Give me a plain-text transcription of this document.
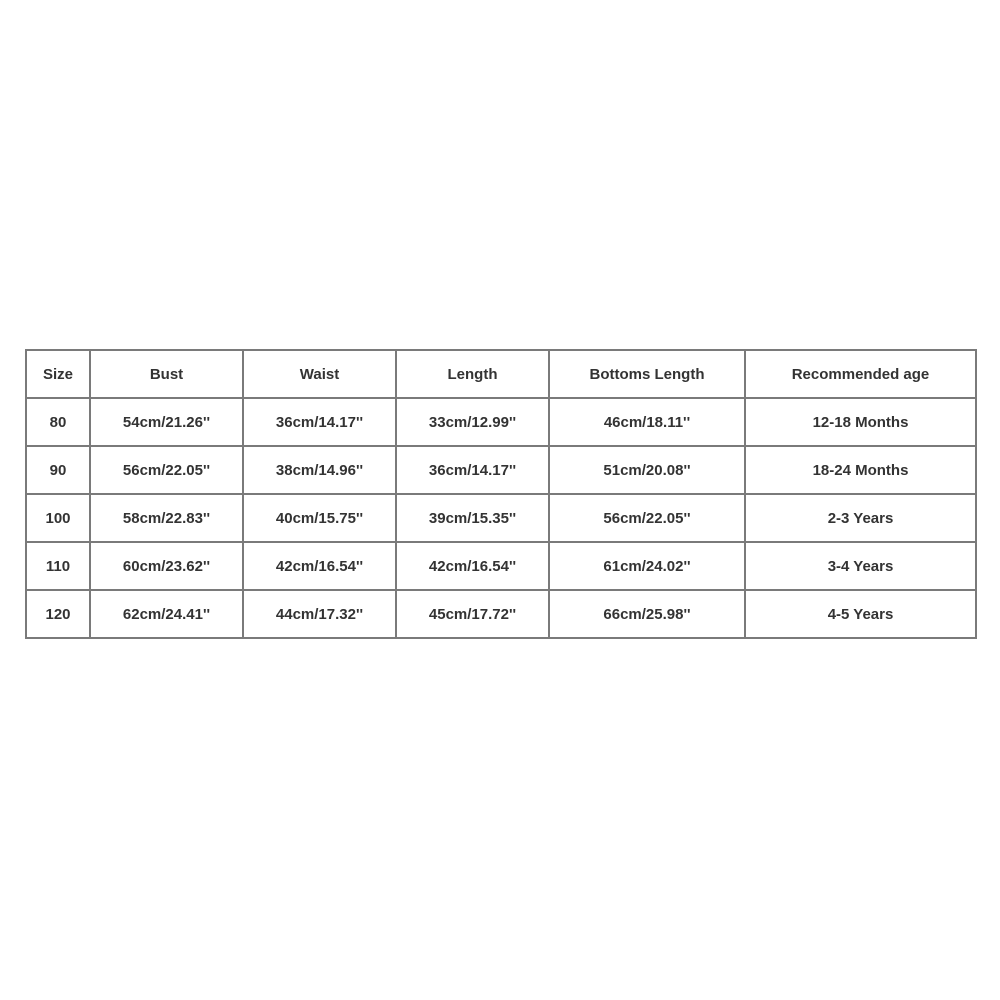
Size	Bust	Waist	Length	Bottoms Length	Recommended age
80	54cm/21.26''	36cm/14.17''	33cm/12.99''	46cm/18.11''	12-18 Months
90	56cm/22.05''	38cm/14.96''	36cm/14.17''	51cm/20.08''	18-24 Months
100	58cm/22.83''	40cm/15.75''	39cm/15.35''	56cm/22.05''	2-3 Years
110	60cm/23.62''	42cm/16.54''	42cm/16.54''	61cm/24.02''	3-4 Years
120	62cm/24.41''	44cm/17.32''	45cm/17.72''	66cm/25.98''	4-5 Years
